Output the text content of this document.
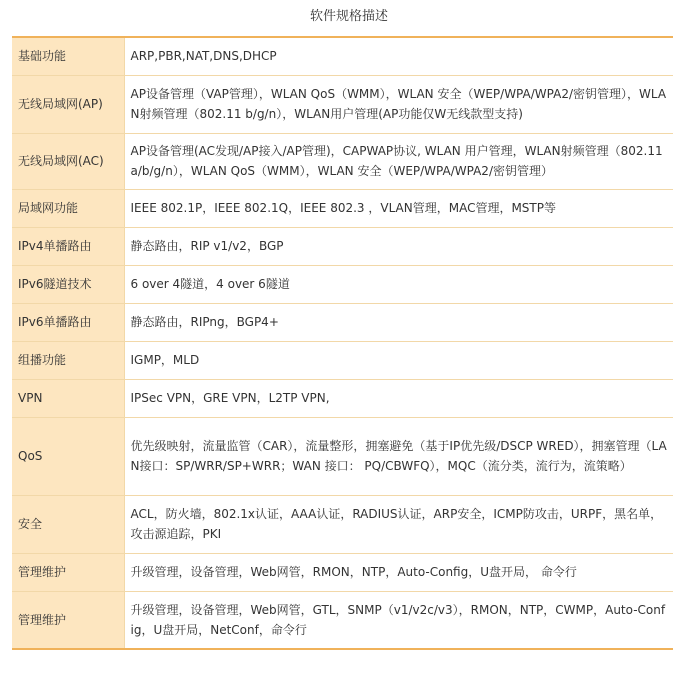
软件规格描述
基础功能	ARP,PBR,NAT,DNS,DHCP
无线局域网(AP)	AP设备管理（VAP管理），WLAN QoS（WMM），WLAN 安全（WEP/WPA/WPA2/密钥管理），WLAN射频管理（802.11 b/g/n），WLAN用户管理(AP功能仅W无线款型支持)
无线局域网(AC)	AP设备管理(AC发现/AP接入/AP管理)，CAPWAP协议, WLAN 用户管理，WLAN射频管理（802.11a/b/g/n），WLAN QoS（WMM），WLAN 安全（WEP/WPA/WPA2/密钥管理）
局域网功能	IEEE 802.1P，IEEE 802.1Q，IEEE 802.3 ，VLAN管理，MAC管理，MSTP等
IPv4单播路由	静态路由，RIP v1/v2，BGP
IPv6隧道技术	6 over 4隧道，4 over 6隧道
IPv6单播路由	静态路由，RIPng，BGP4+
组播功能	IGMP，MLD
VPN	IPSec VPN，GRE VPN，L2TP VPN,
QoS	优先级映射，流量监管（CAR），流量整形，拥塞避免（基于IP优先级/DSCP WRED），拥塞管理（LAN接口：SP/WRR/SP+WRR；WAN 接口： PQ/CBWFQ），MQC（流分类，流行为，流策略）
安全	ACL，防火墙，802.1x认证，AAA认证，RADIUS认证，ARP安全，ICMP防攻击，URPF，黑名单，攻击源追踪，PKI
管理维护	升级管理，设备管理，Web网管，RMON，NTP，Auto-Config，U盘开局， 命令行
管理维护	升级管理，设备管理，Web网管，GTL，SNMP（v1/v2c/v3），RMON，NTP，CWMP，Auto-Config，U盘开局，NetConf，命令行
